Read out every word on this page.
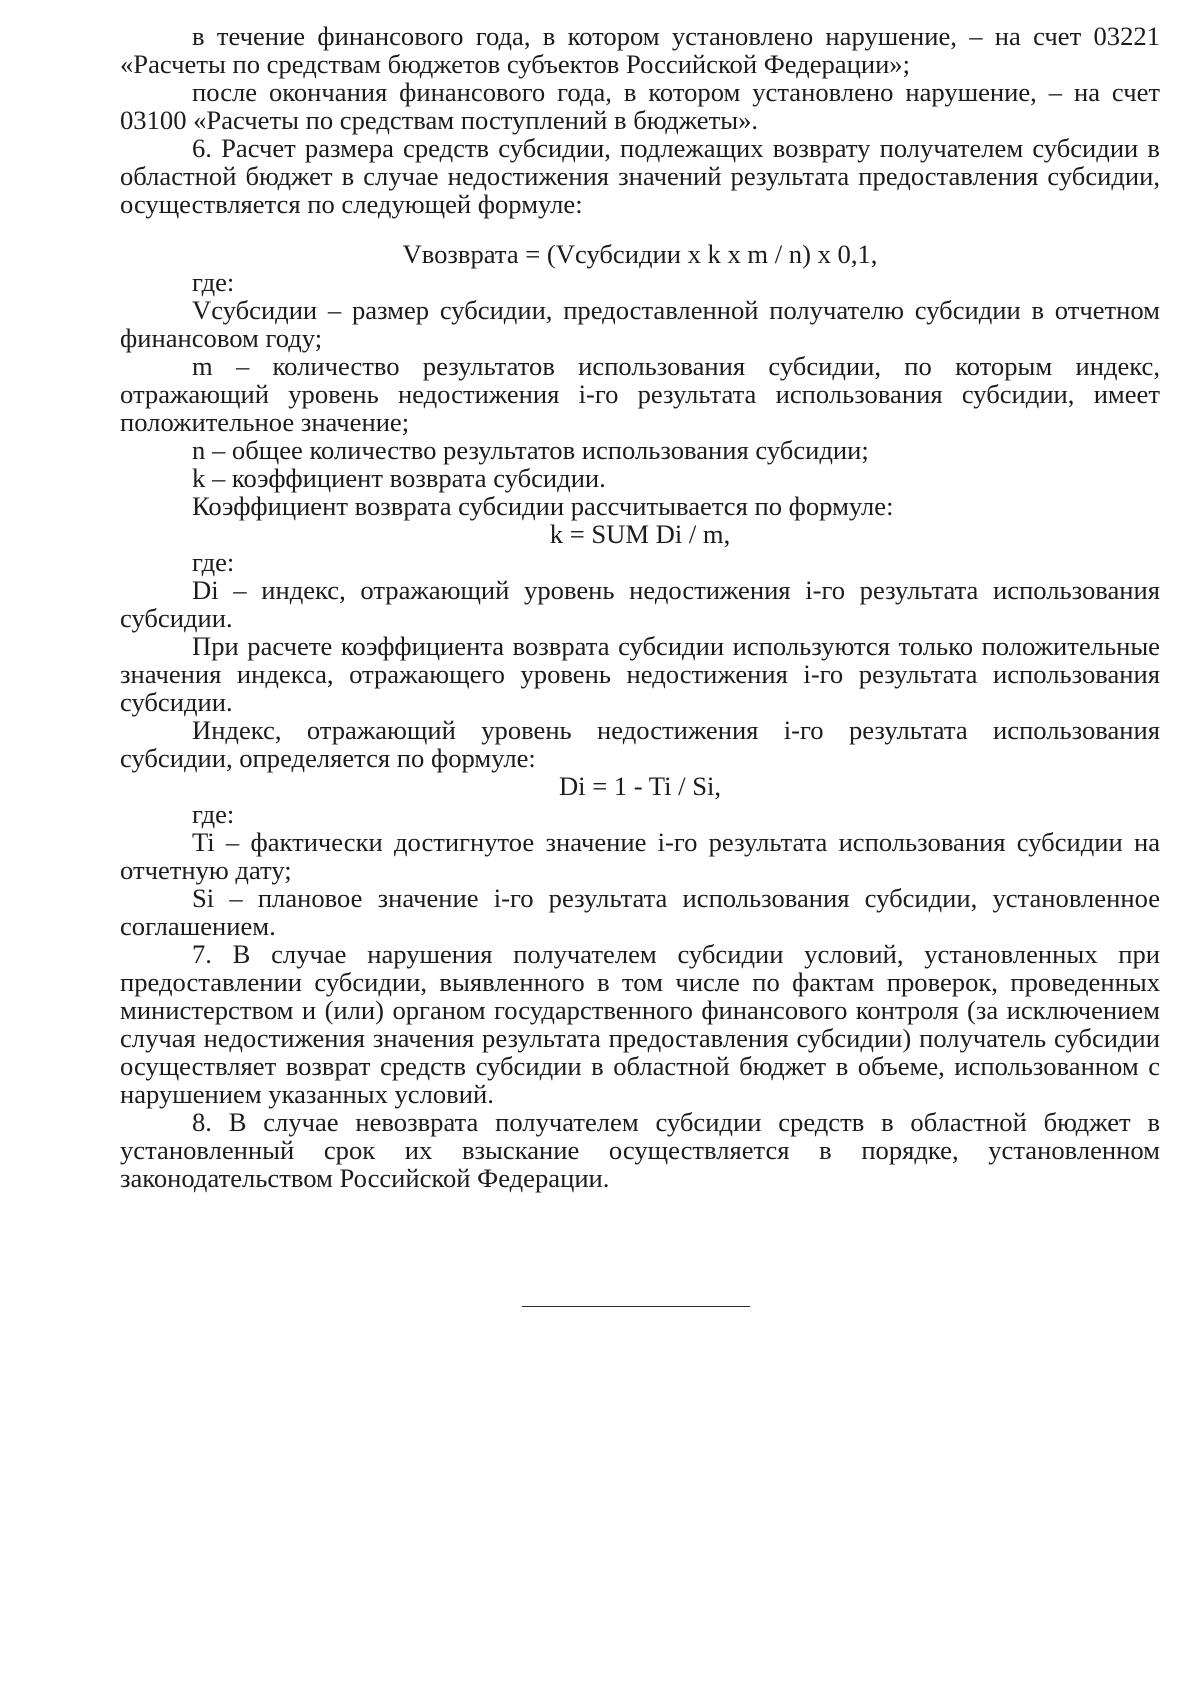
в течение финансового года, в котором установлено нарушение, – на счет 03221 «Расчеты по средствам бюджетов субъектов Российской Федерации»;

после окончания финансового года, в котором установлено нарушение, – на счет 03100 «Расчеты по средствам поступлений в бюджеты».

6. Расчет размера средств субсидии, подлежащих возврату получателем субсидии в областной бюджет в случае недостижения значений результата предоставления субсидии, осуществляется по следующей формуле:

Vвозврата = (Vсубсидии x k x m / n) x 0,1,

где:

Vсубсидии – размер субсидии, предоставленной получателю субсидии в отчетном финансовом году;

m – количество результатов использования субсидии, по которым индекс, отражающий уровень недостижения i-го результата использования субсидии, имеет положительное значение;

n – общее количество результатов использования субсидии;

k – коэффициент возврата субсидии.

Коэффициент возврата субсидии рассчитывается по формуле:

k = SUM Di / m,

где:

Di – индекс, отражающий уровень недостижения i-го результата использования субсидии.

При расчете коэффициента возврата субсидии используются только положительные значения индекса, отражающего уровень недостижения i-го результата использования субсидии.

Индекс, отражающий уровень недостижения i-го результата использования субсидии, определяется по формуле:

Di = 1 - Ti / Si,

где:

Ti – фактически достигнутое значение i-го результата использования субсидии на отчетную дату;

Si – плановое значение i-го результата использования субсидии, установленное соглашением.

7. В случае нарушения получателем субсидии условий, установленных при предоставлении субсидии, выявленного в том числе по фактам проверок, проведенных министерством и (или) органом государственного финансового контроля (за исключением случая недостижения значения результата предоставления субсидии) получатель субсидии осуществляет возврат средств субсидии в областной бюджет в объеме, использованном с нарушением указанных условий.

8. В случае невозврата получателем субсидии средств в областной бюджет в установленный срок их взыскание осуществляется в порядке, установленном законодательством Российской Федерации.
